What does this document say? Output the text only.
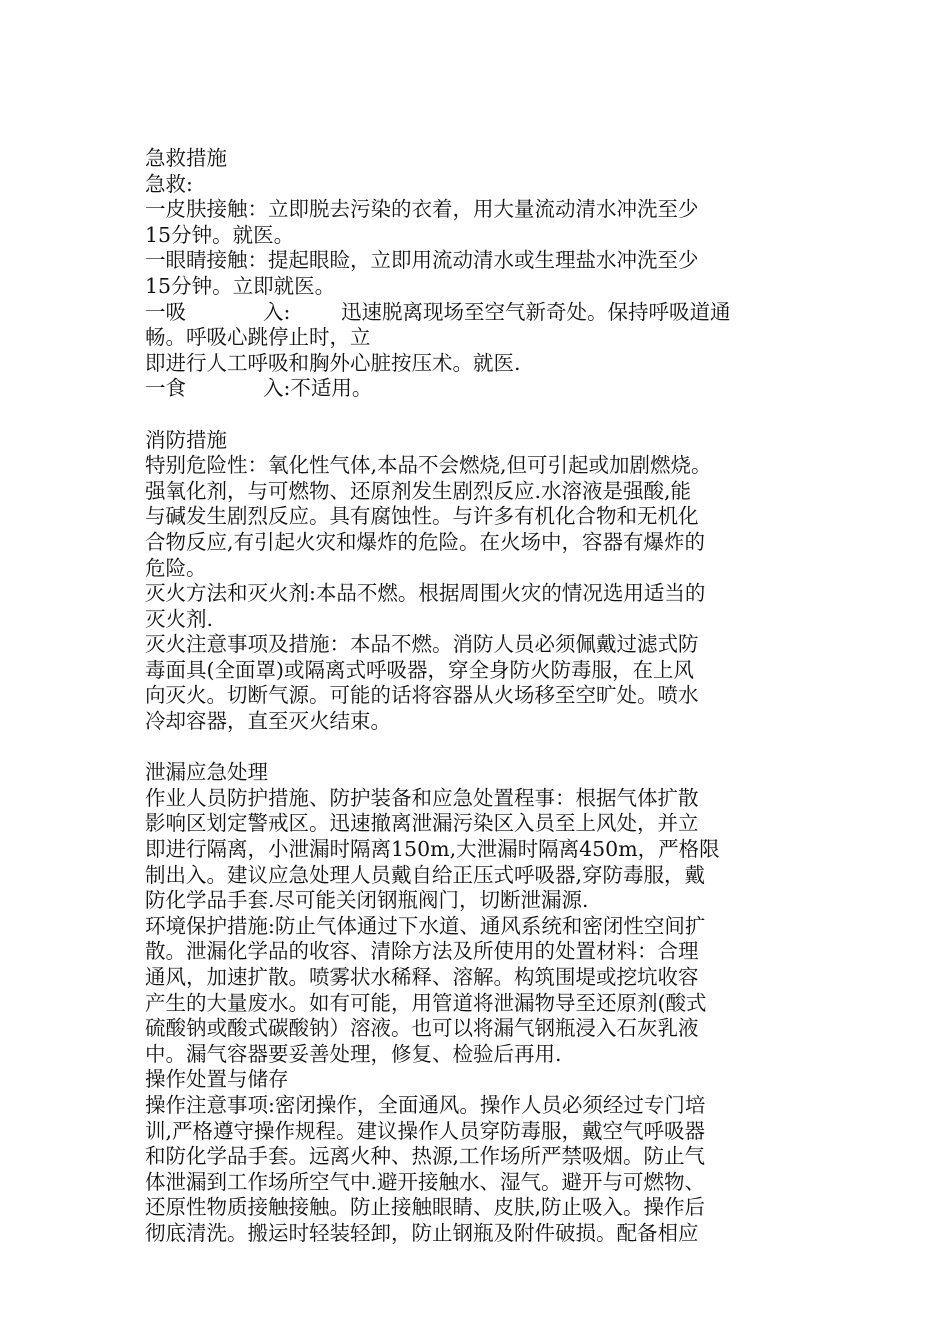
急救措施
急救:
一皮肤接触：立即脱去污染的衣着，用大量流动清水冲洗至少
15分钟。就医。
一眼睛接触：提起眼睑，立即用流动清水或生理盐水冲洗至少
15分钟。立即就医。
一吸	入: 迅速脱离现场至空气新奇处。保持呼吸道通
畅。呼吸心跳停止时，立
即进行人工呼吸和胸外心脏按压术。就医.
一食	入:不适用。
消防措施
特别危险性：氧化性气体,本品不会燃烧,但可引起或加剧燃烧。
强氧化剂，与可燃物、还原剂发生剧烈反应.水溶液是强酸,能
与碱发生剧烈反应。具有腐蚀性。与许多有机化合物和无机化
合物反应,有引起火灾和爆炸的危险。在火场中，容器有爆炸的
危险。
灭火方法和灭火剂:本品不燃。根据周围火灾的情况选用适当的
灭火剂.
灭火注意事项及措施：本品不燃。消防人员必须佩戴过滤式防
毒面具(全面罩)或隔离式呼吸器，穿全身防火防毒服，在上风
向灭火。切断气源。可能的话将容器从火场移至空旷处。喷水
冷却容器，直至灭火结束。
泄漏应急处理
作业人员防护措施、防护装备和应急处置程事：根据气体扩散
影响区划定警戒区。迅速撤离泄漏污染区入员至上风处，并立
即进行隔离，小泄漏时隔离150m,大泄漏时隔离450m，严格限
制出入。建议应急处理人员戴自给正压式呼吸器,穿防毒服，戴
防化学品手套.尽可能关闭钢瓶阀门，切断泄漏源.
环境保护措施:防止气体通过下水道、通风系统和密闭性空间扩
散。泄漏化学品的收容、清除方法及所使用的处置材料：合理
通风，加速扩散。喷雾状水稀释、溶解。构筑围堤或挖坑收容
产生的大量废水。如有可能，用管道将泄漏物导至还原剂(酸式
硫酸钠或酸式碳酸钠）溶液。也可以将漏气钢瓶浸入石灰乳液
中。漏气容器要妥善处理，修复、检验后再用.
操作处置与储存
操作注意事项:密闭操作，全面通风。操作人员必须经过专门培
训,严格遵守操作规程。建议操作人员穿防毒服，戴空气呼吸器
和防化学品手套。远离火种、热源,工作场所严禁吸烟。防止气
体泄漏到工作场所空气中.避开接触水、湿气。避开与可燃物、
还原性物质接触接触。防止接触眼睛、皮肤,防止吸入。操作后
彻底清洗。搬运时轻装轻卸，防止钢瓶及附件破损。配备相应
